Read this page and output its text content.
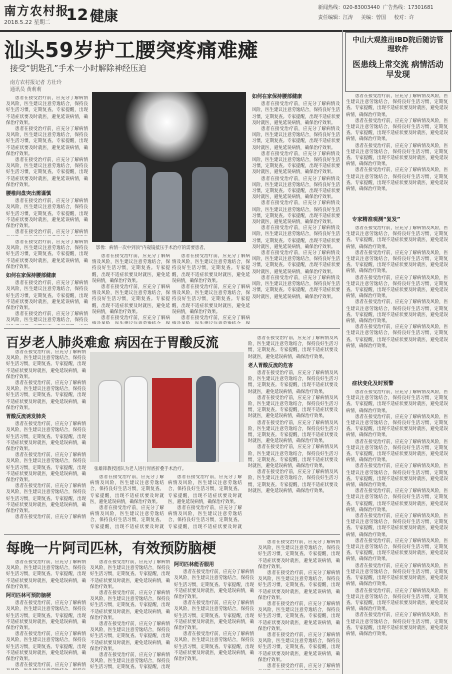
南方农村报
2018.5.22 星期二 12 健康
新闻热线：020-83003440 广告热线：17301681
责任编辑：江涛 美编：曾国 校对：许
汕头59岁护工腰突疼痛难瘫
接受“钥匙孔”手术一小时解除神经压迫
南方农村报记者 方壮玲
通讯员 黄莉莉

患者在接受治疗前，应充分了解病情及风险，医生建议注意劳逸结合，保持良好生活习惯，定期复查。专家提醒，出现不适症状要及时就医，避免延误病情，确保治疗效果。

患者在接受治疗前，应充分了解病情及风险，医生建议注意劳逸结合，保持良好生活习惯，定期复查。专家提醒，出现不适症状要及时就医，避免延误病情，确保治疗效果。

患者在接受治疗前，应充分了解病情及风险，医生建议注意劳逸结合，保持良好生活习惯，定期复查。专家提醒，出现不适症状要及时就医，避免延误病情，确保治疗效果。

腰椎间盘突出需谨慎

患者在接受治疗前，应充分了解病情及风险，医生建议注意劳逸结合，保持良好生活习惯，定期复查。专家提醒，出现不适症状要及时就医，避免延误病情，确保治疗效果。

患者在接受治疗前，应充分了解病情

影像：病情一次中到顶“内窥镜抵压手术治疗的需要患者。

患者在接受治疗前，应充分了解病情及风险，医生建议注意劳逸结合，保持良好生活习惯，定期复查。专家提醒，出现不适症状要及时就医，避免延误病情，确保治疗效果。

如何在家保持腰部健康

患者在接受治疗前，应充分了解病情及风险，医生建议注意劳逸结合，保持良好生活习惯，定期复查。专家提醒，出现不适症状要及时就医，避免延误病情，确保治疗效果。

患者在接受治疗前，应充分了解病情及风险，医生建议注意劳逸结合，保持良

患者在接受治疗前，应充分了解病情及风险，医生建议注意劳逸结合，保持良好生活习惯，定期复查。专家提醒，出现不适症状要及时就医，避免延误病情，确保治疗效果。

患者在接受治疗前，应充分了解病情及风险，医生建议注意劳逸结合，保持良好生活习惯，定期复查。专家提醒，出现不适症状要及时就医，避免延误病情，确保治疗效果。

患者在接受治疗前，应充分了解病

患者在接受治疗前，应充分了解病情及风险，医生建议注意劳逸结合，保持良好生活习惯，定期复查。专家提醒，出现不适症状要及时就医，避免延误病情，确保治疗效果。

患者在接受治疗前，应充分了解病情及风险，医生建议注意劳逸结合，保持良好生活习惯，定期复查。专家提醒，出现不适症状要及时就医，避免延误病情，确保治疗效果。

患者在接受治疗前，应充分了解病

如何在家保持腰部健康

患者在接受治疗前，应充分了解病情及风险，医生建议注意劳逸结合，保持良好生活习惯，定期复查。专家提醒，出现不适症状要及时就医，避免延误病情，确保治疗效果。

患者在接受治疗前，应充分了解病情及风险，医生建议注意劳逸结合，保持良好生活习惯，定期复查。专家提醒，出现不适症状要及时就医，避免延误病情，确保治疗效果。

患者在接受治疗前，应充分了解病情及风险，医生建议注意劳逸结合，保持良好生活习惯，定期复查。专家提醒，出现不适症状要及时就医，避免延误病情，确保治疗效果。

患者在接受治疗前，应充分了解病情及风险，医生建议注意劳逸结合，保持良好生活习惯，定期复查。专家提醒，出现不适症状要及时就医，避免延误病情，确保治疗效果。

患者在接受治疗前，应充分了解病情及风险，医生建议注意劳逸结合，保持良好生活习惯，定期复查。专家提醒，出现不适症状要及时就医，避免延误病情，确保治疗效果。

患者在接受治疗前，应充分了解病情及风险，医生建议注意劳逸结合，保持良好生活习惯，定期复查。专家提醒，出现不适症状要及时就医，避免延误病情，确保治疗效果。

患者在接受治疗前，应充分了解病情及风险，医生建议注意劳逸结合，保持良好生活习惯，定期复查。专家提醒，出现不适症状要及时就医，避免延误病情，确保治疗效果。

患者在接受治疗前，应充分了解病情及风险，医生建议注意劳逸结合，保持良好生活习惯，定期复查。专家提醒，出现不适症状要及时就医，避免延误病情，确保治疗效果。

百岁老人肺炎难愈 病因在于胃酸反流

患者在接受治疗前，应充分了解病情及风险，医生建议注意劳逸结合，保持良好生活习惯，定期复查。专家提醒，出现不适症状要及时就医，避免延误病情，确保治疗效果。

患者在接受治疗前，应充分了解病情及风险，医生建议注意劳逸结合，保持良好生活习惯，定期复查。专家提醒，出现不适症状要及时就医，避免延误病情，确保治疗效果。

胃酸反流诱发肺炎

患者在接受治疗前，应充分了解病情及风险，医生建议注意劳逸结合，保持良好生活习惯，定期复查。专家提醒，出现不适症状要及时就医，避免延误病情，确保治疗效果。

患者在接受治疗前，应充分了解病情及风险，医生建议注意劳逸结合，保持良好生活习惯，定期复查。专家提醒，出现不适症状要及时就医，避免延误病情，确保治疗效果。

患者在接受治疗前，应充分了解病情及风险，医生建议注意劳逸结合，保持良好生活习惯，定期复查。专家提醒，出现不适症状要及时就医，避免延误病情，确保治疗效果。

患者在接受治疗前，应充分了解病情

张雄锋教授团队为老人进行胃底折叠手术治疗。

患者在接受治疗前，应充分了解病情及风险，医生建议注意劳逸结合，保持良好生活习惯，定期复查。专家提醒，出现不适症状要及时就医，避免延误病情，确保治疗效果。

患者在接受治疗前，应充分了解病情及风险，医生建议注意劳逸结合，保持良好生活习惯，定期复查。专家提醒，出现不适症状要及时就

患者在接受治疗前，应充分了解病情及风险，医生建议注意劳逸结合，保持良好生活习惯，定期复查。专家提醒，出现不适症状要及时就医，避免延误病情，确保治疗效果。

患者在接受治疗前，应充分了解病情及风险，医生建议注意劳逸结合，保持良好生活习惯，定期复查。专家提醒，出现不适症状要及时就

患者在接受治疗前，应充分了解病情及风险，医生建议注意劳逸结合，保持良好生活习惯，定期复查。专家提醒，出现不适症状要及时就医，避免延误病情，确保治疗效果。

老人胃酸反流的危害

患者在接受治疗前，应充分了解病情及风险，医生建议注意劳逸结合，保持良好生活习惯，定期复查。专家提醒，出现不适症状要及时就医，避免延误病情，确保治疗效果。

患者在接受治疗前，应充分了解病情及风险，医生建议注意劳逸结合，保持良好生活习惯，定期复查。专家提醒，出现不适症状要及时就医，避免延误病情，确保治疗效果。

患者在接受治疗前，应充分了解病情及风险，医生建议注意劳逸结合，保持良好生活习惯，定期复查。专家提醒，出现不适症状要及时就医，避免延误病情，确保治疗效果。

患者在接受治疗前，应充分了解病情及风险，医生建议注意劳逸结合，保持良好生活习惯，定期复查。专家提醒，出现不适症状要及时就医，避免延误病情，确保治疗效果。

患者在接受治疗前，应充分了解病情及风险，医生建议注意劳逸结合，保持良好生活习惯，定期复查。专家提醒，出现不适症状要及时就医，避免延误病情，确保治疗效果。

每晚一片阿司匹林，有效预防脑梗

患者在接受治疗前，应充分了解病情及风险，医生建议注意劳逸结合，保持良好生活习惯，定期复查。专家提醒，出现不适症状要及时就医，避免延误病情，确保治疗效果。

阿司匹林可预防脑梗

患者在接受治疗前，应充分了解病情及风险，医生建议注意劳逸结合，保持良好生活习惯，定期复查。专家提醒，出现不适症状要及时就医，避免延误病情，确保治疗效果。

患者在接受治疗前，应充分了解病情及风险，医生建议注意劳逸结合，保持良好生活习惯，定期复查。专家提醒，出现不适症状要及时就医，避免延误病情，确保治疗效果。

患者在接受治疗前，应充分了解病情

患者在接受治疗前，应充分了解病情及风险，医生建议注意劳逸结合，保持良好生活习惯，定期复查。专家提醒，出现不适症状要及时就医，避免延误病情，确保治疗效果。

患者在接受治疗前，应充分了解病情及风险，医生建议注意劳逸结合，保持良好生活习惯，定期复查。专家提醒，出现不适症状要及时就医，避免延误病情，确保治疗效果。

患者在接受治疗前，应充分了解病情及风险，医生建议注意劳逸结合，保持良好生活习惯，定期复查。专家提醒，出现不适症状要及时就医，避免延误病情，确保治疗效果。

患者在接受治疗前，应充分了解病情及风险，医生建议注意劳逸结合，保持良好生活习惯，定期复查。专家提醒，出现

阿司匹林能否服用

患者在接受治疗前，应充分了解病情及风险，医生建议注意劳逸结合，保持良好生活习惯，定期复查。专家提醒，出现不适症状要及时就医，避免延误病情，确保治疗效果。

患者在接受治疗前，应充分了解病情及风险，医生建议注意劳逸结合，保持良好生活习惯，定期复查。专家提醒，出现不适症状要及时就医，避免延误病情，确保治疗效果。

患者在接受治疗前，应充分了解病情及风险，医生建议注意劳逸结合，保持良好生活习惯，定期复查。专家提醒，出现不适症状要及时就医，避免延误病情，确保治疗效果。

患者在接受治疗前，应充分了解病情及风险，医生建议注意劳逸结合，保持良好生活习惯，定期复查。专家提醒，出现不适症状要及时就医，避免延误病情，确保治疗效果。

患者在接受治疗前，应充分了解病情及风险，医生建议注意劳逸结合，保持良好生活习惯，定期复查。专家提醒，出现不适症状要及时就医，避免延误病情，确保治疗效果。

患者在接受治疗前，应充分了解病情及风险，医生建议注意劳逸结合，保持良好生活习惯，定期复查。专家提醒，出现不适症状要及时就医，避免延误病情，确保治疗效果。

患者在接受治疗前，应充分了解病情及风险，医生建议注意劳逸结合，保持良好生活习惯，定期复查。专家提醒，出现不适症状要及时就医，避免延误病情，确保治疗效果。

患者在接受治疗前，应充分了解病情

中山大观推出IBD院后随访管理软件
医患线上常交流 病情活动早发现

患者在接受治疗前，应充分了解病情及风险，医生建议注意劳逸结合，保持良好生活习惯，定期复查。专家提醒，出现不适症状要及时就医，避免延误病情，确保治疗效果。

患者在接受治疗前，应充分了解病情及风险，医生建议注意劳逸结合，保持良好生活习惯，定期复查。专家提醒，出现不适症状要及时就医，避免延误病情，确保治疗效果。

患者在接受治疗前，应充分了解病情及风险，医生建议注意劳逸结合，保持良好生活习惯，定期复查。专家提醒，出现不适症状要及时就医，避免延误病情，确保治疗效果。

患者在接受治疗前，应充分了解病情及风险，医生建议注意劳逸结合，保持良好生活习惯，定期复查。专家提醒，出现不适症状要及时就医，避免延误病情，确保治疗效果。

专家精准观测“复发”

患者在接受治疗前，应充分了解病情及风险，医生建议注意劳逸结合，保持良好生活习惯，定期复查。专家提醒，出现不适症状要及时就医，避免延误病情，确保治疗效果。

患者在接受治疗前，应充分了解病情及风险，医生建议注意劳逸结合，保持良好生活习惯，定期复查。专家提醒，出现不适症状要及时就医，避免延误病情，确保治疗效果。

患者在接受治疗前，应充分了解病情及风险，医生建议注意劳逸结合，保持良好生活习惯，定期复查。专家提醒，出现不适症状要及时就医，避免延误病情，确保治疗效果。

患者在接受治疗前，应充分了解病情及风险，医生建议注意劳逸结合，保持良好生活习惯，定期复查。专家提醒，出现不适症状要及时就医，避免延误病情，确保治疗效果。

患者在接受治疗前，应充分了解病情及风险，医生建议注意劳逸结合，保持良好生活习惯，定期复查。专家提醒，出现不适症状要及时就医，避免延误病情，确保治疗效果。

症状变化及时预警

患者在接受治疗前，应充分了解病情及风险，医生建议注意劳逸结合，保持良好生活习惯，定期复查。专家提醒，出现不适症状要及时就医，避免延误病情，确保治疗效果。

患者在接受治疗前，应充分了解病情及风险，医生建议注意劳逸结合，保持良好生活习惯，定期复查。专家提醒，出现不适症状要及时就医，避免延误病情，确保治疗效果。

患者在接受治疗前，应充分了解病情及风险，医生建议注意劳逸结合，保持良好生活习惯，定期复查。专家提醒，出现不适症状要及时就医，避免延误病情，确保治疗效果。

患者在接受治疗前，应充分了解病情及风险，医生建议注意劳逸结合，保持良好生活习惯，定期复查。专家提醒，出现不适症状要及时就医，避免延误病情，确保治疗效果。

患者在接受治疗前，应充分了解病情及风险，医生建议注意劳逸结合，保持良好生活习惯，定期复查。专家提醒，出现不适症状要及时就医，避免延误病情，确保治疗效果。

患者在接受治疗前，应充分了解病情及风险，医生建议注意劳逸结合，保持良好生活习惯，定期复查。专家提醒，出现不适症状要及时就医，避免延误病情，确保治疗效果。

患者在接受治疗前，应充分了解病情及风险，医生建议注意劳逸结合，保持良好生活习惯，定期复查。专家提醒，出现不适症状要及时就医，避免延误病情，确保治疗效果。

患者在接受治疗前，应充分了解病情及风险，医生建议注意劳逸结合，保持良好生活习惯，定期复查。专家提醒，出现不适症状要及时就医，避免延误病情，确保治疗效果。

患者在接受治疗前，应充分了解病情及风险，医生建议注意劳逸结合，保持良好生活习惯，定期复查。专家提醒，出现不适症状要及时就医，避免延误病情，确保治疗效果。

患者在接受治疗前，应充分了解病情及风险，医生建议注意劳逸结合，保持良好生活习惯，定期复查。专家提醒，出现不适症状要及时就医，避免延误病情，确保治疗效果。
